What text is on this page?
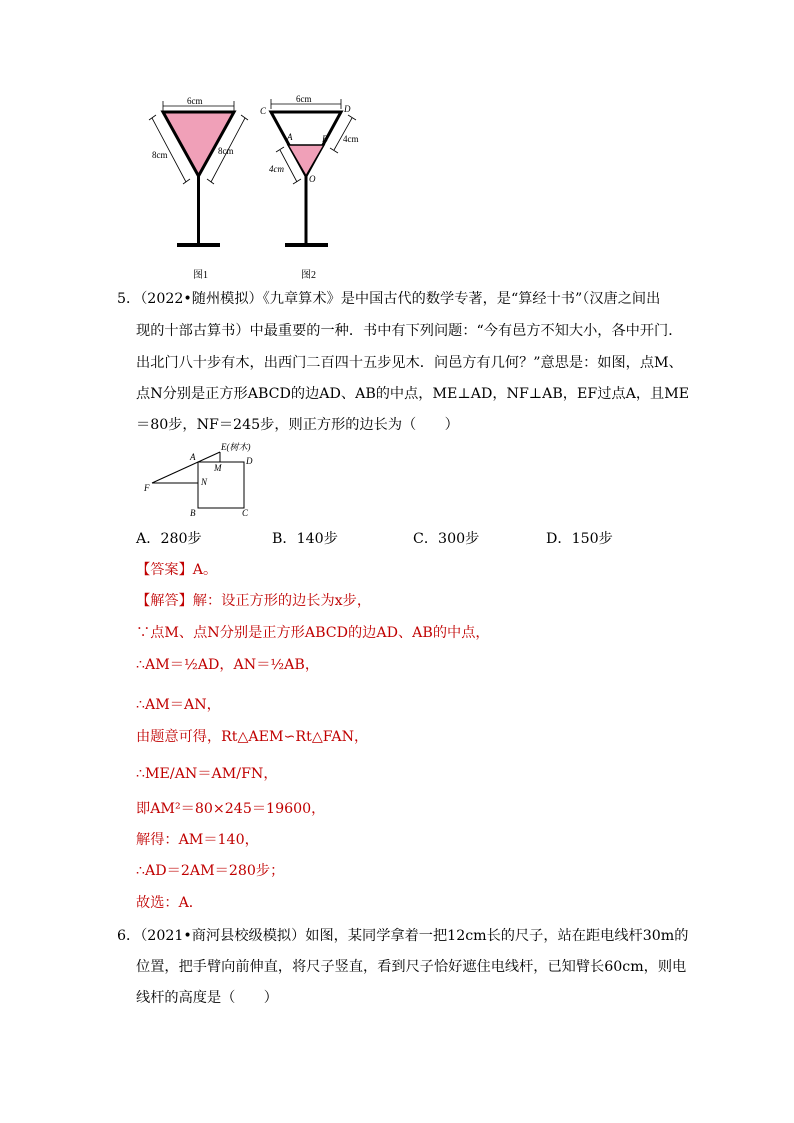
6cm
8cm	8cm
图1
6cm
C	D
A	B
O
4cm
4cm
图2
5．（2022•随州模拟）《九章算术》是中国古代的数学专著，是“算经十书”（汉唐之间出
现的十部古算书）中最重要的一种．书中有下列问题：“今有邑方不知大小，各中开门．
出北门八十步有木，出西门二百四十五步见木．问邑方有几何？”意思是：如图，点M、
点N分别是正方形ABCD的边AD、AB的中点，ME⊥AD，NF⊥AB，EF过点A，且ME
＝80步，NF＝245步，则正方形的边长为（　　）
E(树木)
A
M
D
N
F
B	C
A．280步	B．140步	C．300步	D．150步
【答案】A。
【解答】解：设正方形的边长为x步，
∵点M、点N分别是正方形ABCD的边AD、AB的中点，
∴AM＝½AD，AN＝½AB，
∴AM＝AN，
由题意可得，Rt△AEM∽Rt△FAN，
∴ME/AN＝AM/FN，
即AM²＝80×245＝19600，
解得：AM＝140，
∴AD＝2AM＝280步；
故选：A．
6．（2021•商河县校级模拟）如图，某同学拿着一把12cm长的尺子，站在距电线杆30m的
位置，把手臂向前伸直，将尺子竖直，看到尺子恰好遮住电线杆，已知臂长60cm，则电
线杆的高度是（　　）
